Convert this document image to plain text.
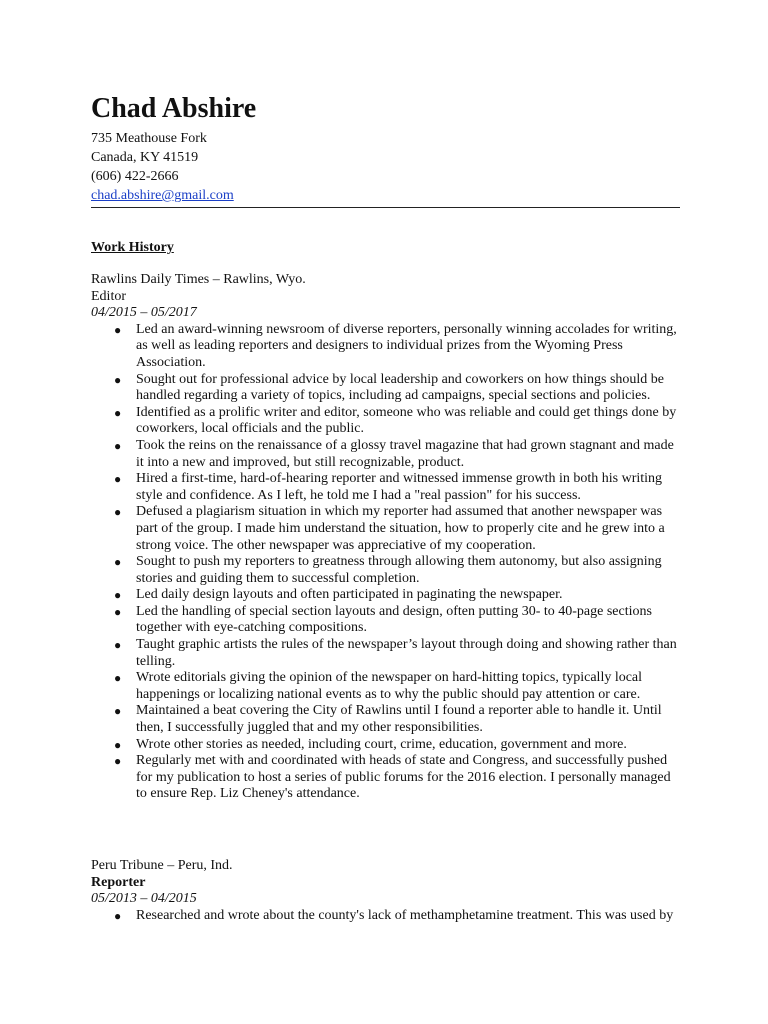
Chad Abshire
735 Meathouse Fork
Canada, KY 41519
(606) 422-2666
chad.abshire@gmail.com
Work History
Rawlins Daily Times – Rawlins, Wyo.
Editor
04/2015 – 05/2017
● Led an award-winning newsroom of diverse reporters, personally winning accolades for writing, as well as leading reporters and designers to individual prizes from the Wyoming Press Association.
● Sought out for professional advice by local leadership and coworkers on how things should be handled regarding a variety of topics, including ad campaigns, special sections and policies.
● Identified as a prolific writer and editor, someone who was reliable and could get things done by coworkers, local officials and the public.
● Took the reins on the renaissance of a glossy travel magazine that had grown stagnant and made it into a new and improved, but still recognizable, product.
● Hired a first-time, hard-of-hearing reporter and witnessed immense growth in both his writing style and confidence. As I left, he told me I had a "real passion" for his success.
● Defused a plagiarism situation in which my reporter had assumed that another newspaper was part of the group. I made him understand the situation, how to properly cite and he grew into a strong voice. The other newspaper was appreciative of my cooperation.
● Sought to push my reporters to greatness through allowing them autonomy, but also assigning stories and guiding them to successful completion.
● Led daily design layouts and often participated in paginating the newspaper.
● Led the handling of special section layouts and design, often putting 30- to 40-page sections together with eye-catching compositions.
● Taught graphic artists the rules of the newspaper’s layout through doing and showing rather than telling.
● Wrote editorials giving the opinion of the newspaper on hard-hitting topics, typically local happenings or localizing national events as to why the public should pay attention or care.
● Maintained a beat covering the City of Rawlins until I found a reporter able to handle it. Until then, I successfully juggled that and my other responsibilities.
● Wrote other stories as needed, including court, crime, education, government and more.
● Regularly met with and coordinated with heads of state and Congress, and successfully pushed for my publication to host a series of public forums for the 2016 election. I personally managed to ensure Rep. Liz Cheney's attendance.
Peru Tribune – Peru, Ind.
Reporter
05/2013 – 04/2015
● Researched and wrote about the county's lack of methamphetamine treatment. This was used by
